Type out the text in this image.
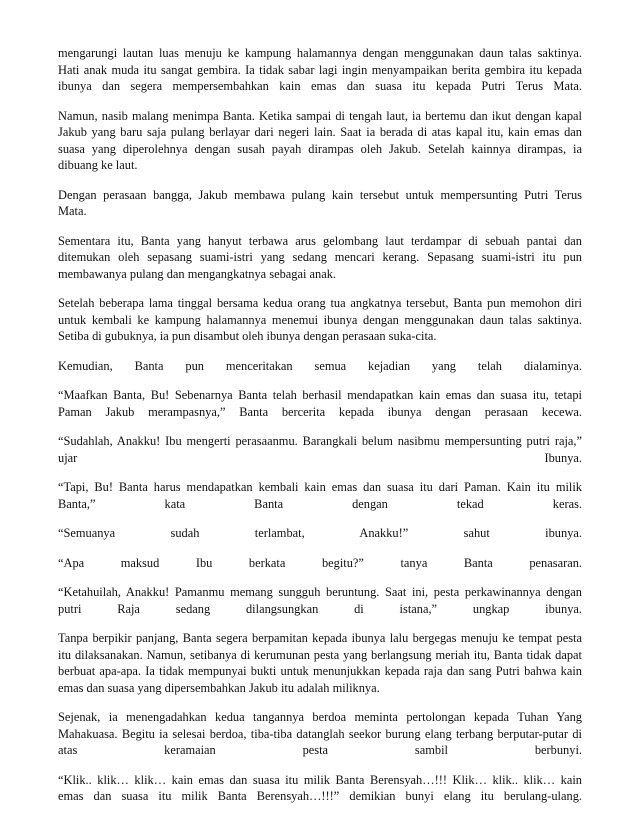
mengarungi lautan luas menuju ke kampung halamannya dengan menggunakan daun talas saktinya.
Hati anak muda itu sangat gembira. Ia tidak sabar lagi ingin menyampaikan berita gembira itu kepada
ibunya dan segera mempersembahkan kain emas dan suasa itu kepada Putri Terus Mata.
Namun, nasib malang menimpa Banta. Ketika sampai di tengah laut, ia bertemu dan ikut dengan kapal
Jakub yang baru saja pulang berlayar dari negeri lain. Saat ia berada di atas kapal itu, kain emas dan
suasa yang diperolehnya dengan susah payah dirampas oleh Jakub. Setelah kainnya dirampas, ia
dibuang ke laut.
Dengan perasaan bangga, Jakub membawa pulang kain tersebut untuk mempersunting Putri Terus
Mata.
Sementara itu, Banta yang hanyut terbawa arus gelombang laut terdampar di sebuah pantai dan
ditemukan oleh sepasang suami-istri yang sedang mencari kerang. Sepasang suami-istri itu pun
membawanya pulang dan mengangkatnya sebagai anak.
Setelah beberapa lama tinggal bersama kedua orang tua angkatnya tersebut, Banta pun memohon diri
untuk kembali ke kampung halamannya menemui ibunya dengan menggunakan daun talas saktinya.
Setiba di gubuknya, ia pun disambut oleh ibunya dengan perasaan suka-cita.
Kemudian, Banta pun menceritakan semua kejadian yang telah dialaminya.
“Maafkan Banta, Bu! Sebenarnya Banta telah berhasil mendapatkan kain emas dan suasa itu, tetapi
Paman Jakub merampasnya,” Banta bercerita kepada ibunya dengan perasaan kecewa.
“Sudahlah, Anakku! Ibu mengerti perasaanmu. Barangkali belum nasibmu mempersunting putri raja,”
ujar Ibunya.
“Tapi, Bu! Banta harus mendapatkan kembali kain emas dan suasa itu dari Paman. Kain itu milik
Banta,” kata Banta dengan tekad keras.
“Semuanya sudah terlambat, Anakku!” sahut ibunya.
“Apa maksud Ibu berkata begitu?” tanya Banta penasaran.
“Ketahuilah, Anakku! Pamanmu memang sungguh beruntung. Saat ini, pesta perkawinannya dengan
putri Raja sedang dilangsungkan di istana,” ungkap ibunya.
Tanpa berpikir panjang, Banta segera berpamitan kepada ibunya lalu bergegas menuju ke tempat pesta
itu dilaksanakan. Namun, setibanya di kerumunan pesta yang berlangsung meriah itu, Banta tidak dapat
berbuat apa-apa. Ia tidak mempunyai bukti untuk menunjukkan kepada raja dan sang Putri bahwa kain
emas dan suasa yang dipersembahkan Jakub itu adalah miliknya.
Sejenak, ia menengadahkan kedua tangannya berdoa meminta pertolongan kepada Tuhan Yang
Mahakuasa. Begitu ia selesai berdoa, tiba-tiba datanglah seekor burung elang terbang berputar-putar di
atas keramaian pesta sambil berbunyi.
“Klik.. klik… klik… kain emas dan suasa itu milik Banta Berensyah…!!! Klik… klik.. klik… kain
emas dan suasa itu milik Banta Berensyah…!!!” demikian bunyi elang itu berulang-ulang.
